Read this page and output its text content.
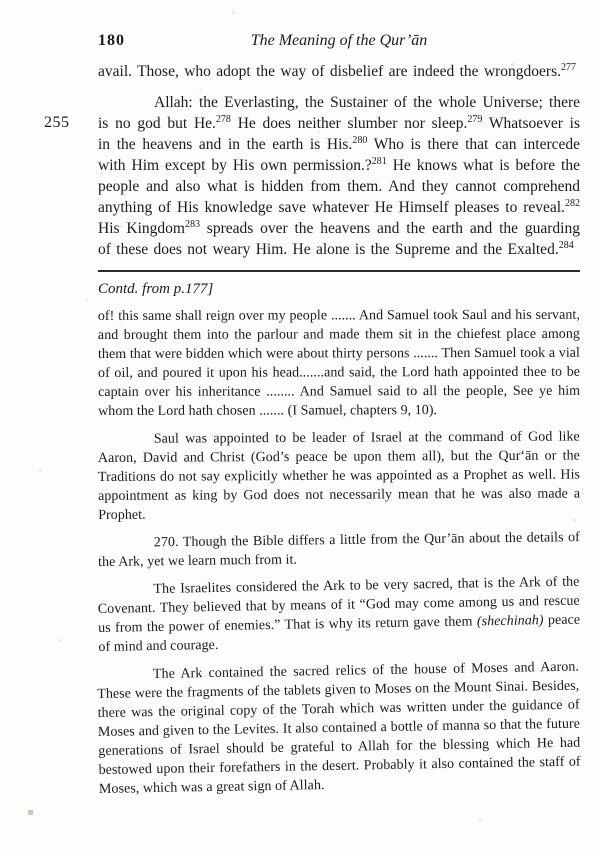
255
180	The Meaning of the Qur’ān

avail. Those, who adopt the way of disbelief are indeed the wrongdoers.$^{277}$

Allah: the Everlasting, the Sustainer of the whole Universe; there is no god but He.$^{278}$ He does neither slumber nor sleep.$^{279}$ Whatsoever is in the heavens and in the earth is His.$^{280}$ Who is there that can intercede with Him except by His own permission.?$^{281}$ He knows what is before the people and also what is hidden from them. And they cannot comprehend anything of His knowledge save whatever He Himself pleases to reveal.$^{282}$ His Kingdom$^{283}$ spreads over the heavens and the earth and the guarding of these does not weary Him. He alone is the Supreme and the Exalted.$^{284}$

Contd. from p.177]

of! this same shall reign over my people ....... And Samuel took Saul and his servant, and brought them into the parlour and made them sit in the chiefest place among them that were bidden which were about thirty persons ....... Then Samuel took a vial of oil, and poured it upon his head.......and said, the Lord hath appointed thee to be captain over his inheritance ........ And Samuel said to all the people, See ye him whom the Lord hath chosen ....... (I Samuel, chapters 9, 10).

Saul was appointed to be leader of Israel at the command of God like Aaron, David and Christ (God’s peace be upon them all), but the Qur‘ān or the Traditions do not say explicitly whether he was appointed as a Prophet as well. His appointment as king by God does not necessarily mean that he was also made a Prophet.

270. Though the Bible differs a little from the Qur’ān about the details of the Ark, yet we learn much from it.

The Israelites considered the Ark to be very sacred, that is the Ark of the Covenant. They believed that by means of it “God may come among us and rescue us from the power of enemies.” That is why its return gave them (shechinah) peace of mind and courage.

The Ark contained the sacred relics of the house of Moses and Aaron. These were the fragments of the tablets given to Moses on the Mount Sinai. Besides, there was the original copy of the Torah which was written under the guidance of Moses and given to the Levites. It also contained a bottle of manna so that the future generations of Israel should be grateful to Allah for the blessing which He had bestowed upon their forefathers in the desert. Probably it also contained the staff of Moses, which was a great sign of Allah.
